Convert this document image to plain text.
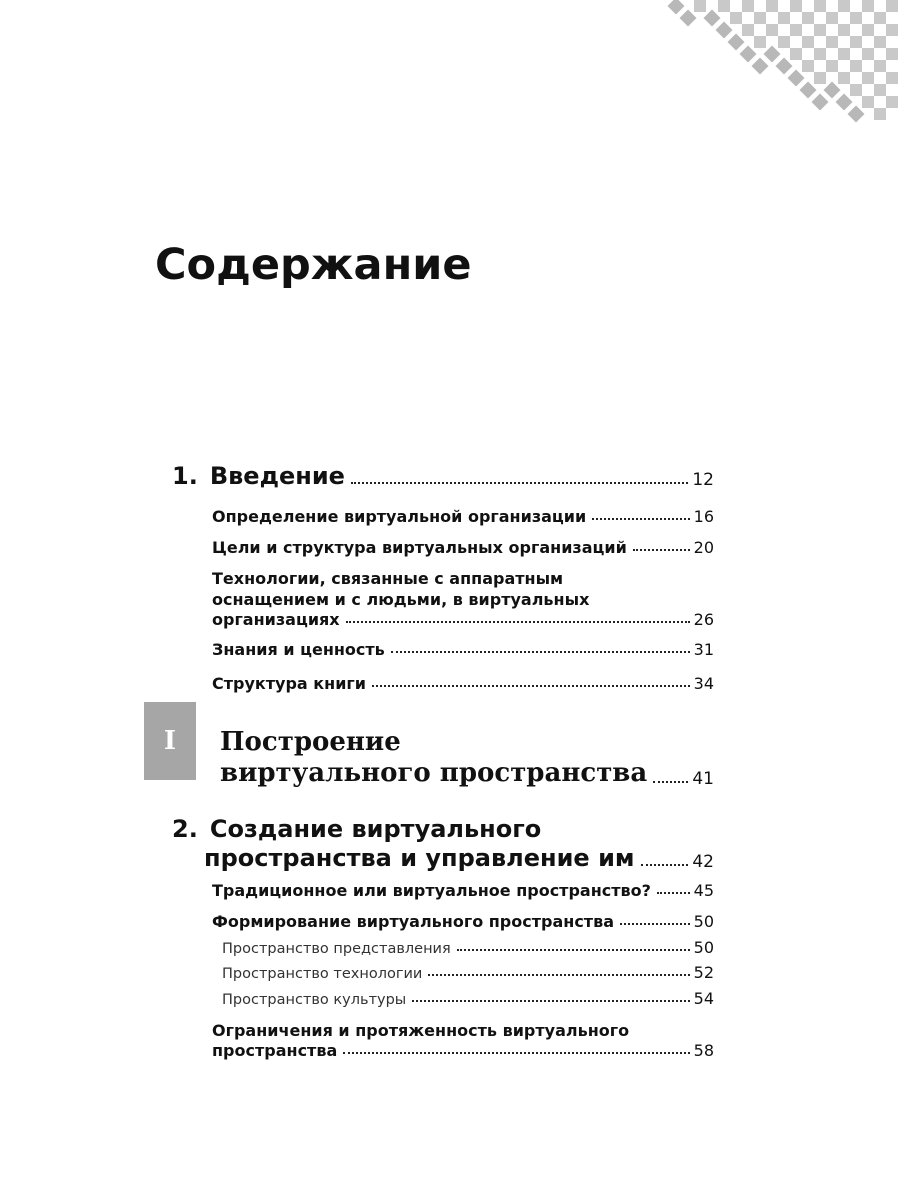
Содержание
1. Введение	12
Определение виртуальной организации	16
Цели и структура виртуальных организаций	20
Технологии, связанные с аппаратным
оснащением и с людьми, в виртуальных
организациях	26
Знания и ценность	31
Структура книги	34
I Построение
виртуального пространства	41
2. Создание виртуального
пространства и управление им	42
Традиционное или виртуальное пространство?	45
Формирование виртуального пространства	50
Пространство представления	50
Пространство технологии	52
Пространство культуры	54
Ограничения и протяженность виртуального
пространства	58
